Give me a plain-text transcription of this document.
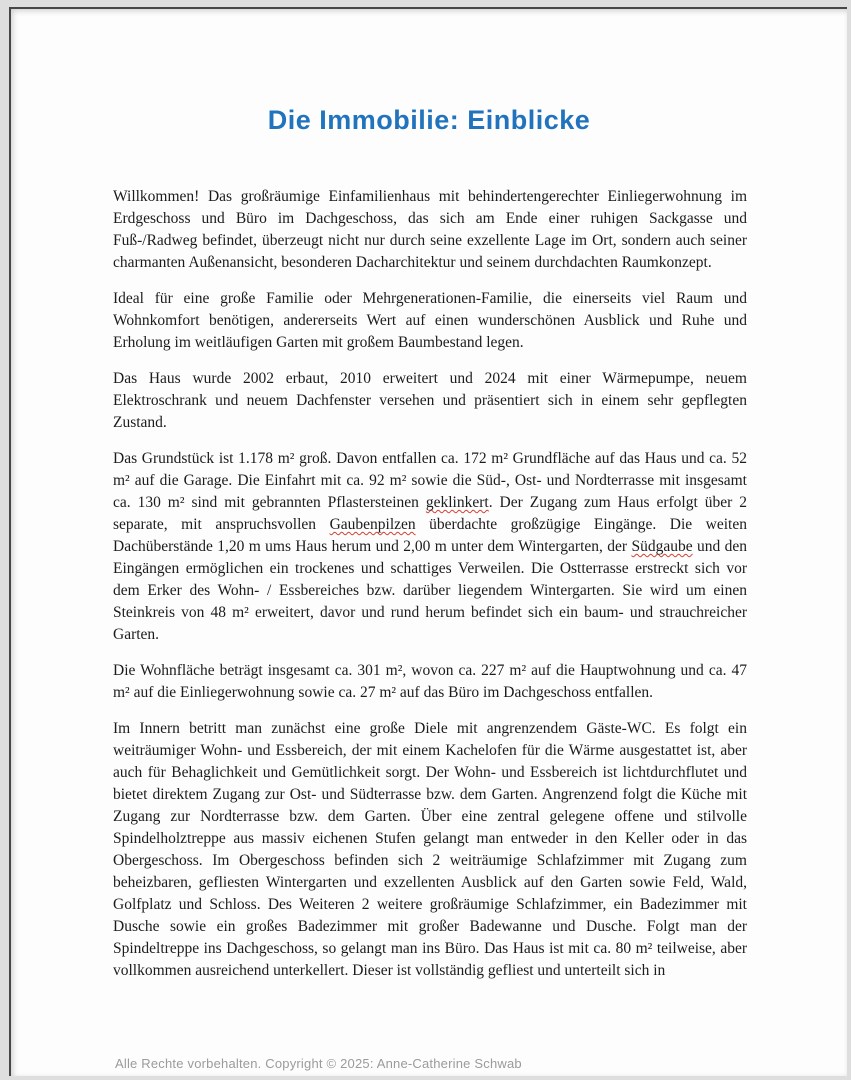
Die Immobilie: Einblicke

Willkommen! Das großräumige Einfamilienhaus mit behindertengerechter Einliegerwohnung im Erdgeschoss und Büro im Dachgeschoss, das sich am Ende einer ruhigen Sackgasse und Fuß-/Radweg befindet, überzeugt nicht nur durch seine exzellente Lage im Ort, sondern auch seiner charmanten Außenansicht, besonderen Dacharchitektur und seinem durchdachten Raumkonzept.

Ideal für eine große Familie oder Mehrgenerationen-Familie, die einerseits viel Raum und Wohnkomfort benötigen, andererseits Wert auf einen wunderschönen Ausblick und Ruhe und Erholung im weitläufigen Garten mit großem Baumbestand legen.

Das Haus wurde 2002 erbaut, 2010 erweitert und 2024 mit einer Wärmepumpe, neuem Elektroschrank und neuem Dachfenster versehen und präsentiert sich in einem sehr gepflegten Zustand.

Das Grundstück ist 1.178 m² groß. Davon entfallen ca. 172 m² Grundfläche auf das Haus und ca. 52 m² auf die Garage. Die Einfahrt mit ca. 92 m² sowie die Süd-, Ost- und Nordterrasse mit insgesamt ca. 130 m² sind mit gebrannten Pflastersteinen geklinkert. Der Zugang zum Haus erfolgt über 2 separate, mit anspruchsvollen Gaubenpilzen überdachte großzügige Eingänge. Die weiten Dachüberstände 1,20 m ums Haus herum und 2,00 m unter dem Wintergarten, der Südgaube und den Eingängen ermöglichen ein trockenes und schattiges Verweilen. Die Ostterrasse erstreckt sich vor dem Erker des Wohn- / Essbereiches bzw. darüber liegendem Wintergarten. Sie wird um einen Steinkreis von 48 m² erweitert, davor und rund herum befindet sich ein baum- und strauchreicher Garten.

Die Wohnfläche beträgt insgesamt ca. 301 m², wovon ca. 227 m² auf die Hauptwohnung und ca. 47 m² auf die Einliegerwohnung sowie ca. 27 m² auf das Büro im Dachgeschoss entfallen.

Im Innern betritt man zunächst eine große Diele mit angrenzendem Gäste-WC. Es folgt ein weiträumiger Wohn- und Essbereich, der mit einem Kachelofen für die Wärme ausgestattet ist, aber auch für Behaglichkeit und Gemütlichkeit sorgt. Der Wohn- und Essbereich ist lichtdurchflutet und bietet direktem Zugang zur Ost- und Südterrasse bzw. dem Garten. Angrenzend folgt die Küche mit Zugang zur Nordterrasse bzw. dem Garten. Über eine zentral gelegene offene und stilvolle Spindelholztreppe aus massiv eichenen Stufen gelangt man entweder in den Keller oder in das Obergeschoss. Im Obergeschoss befinden sich 2 weiträumige Schlafzimmer mit Zugang zum beheizbaren, gefliesten Wintergarten und exzellenten Ausblick auf den Garten sowie Feld, Wald, Golfplatz und Schloss. Des Weiteren 2 weitere großräumige Schlafzimmer, ein Badezimmer mit Dusche sowie ein großes Badezimmer mit großer Badewanne und Dusche. Folgt man der Spindeltreppe ins Dachgeschoss, so gelangt man ins Büro. Das Haus ist mit ca. 80 m² teilweise, aber vollkommen ausreichend unterkellert. Dieser ist vollständig gefliest und unterteilt sich in

Alle Rechte vorbehalten. Copyright © 2025: Anne-Catherine Schwab
